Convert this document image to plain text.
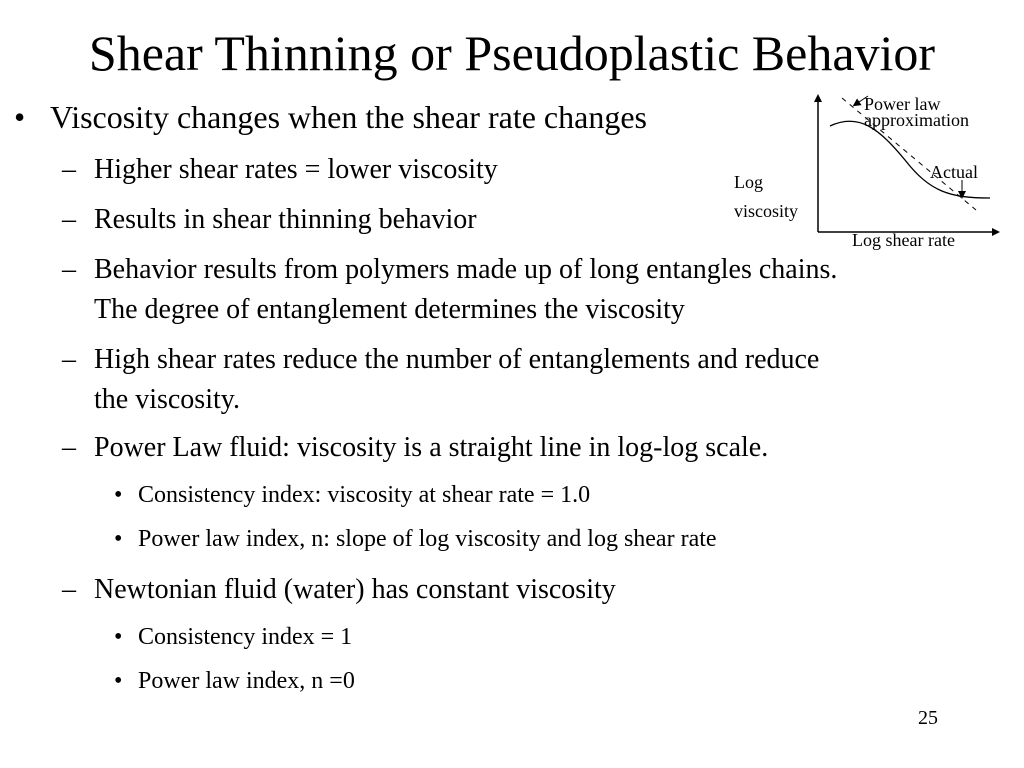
Shear Thinning or Pseudoplastic Behavior
• Viscosity changes when the shear rate changes
– Higher shear rates = lower viscosity
– Results in shear thinning behavior
– Behavior results from polymers made up of long entangles chains.
The degree of entanglement determines the viscosity
– High shear rates reduce the number of entanglements and reduce
the viscosity.
– Power Law fluid: viscosity is a straight line in log-log scale.
• Consistency index: viscosity at shear rate = 1.0
• Power law index, n: slope of log viscosity and log shear rate
– Newtonian fluid (water) has constant viscosity
• Consistency index = 1
• Power law index, n =0
Power law
approximation
Actual
Log
viscosity
Log shear rate
25
